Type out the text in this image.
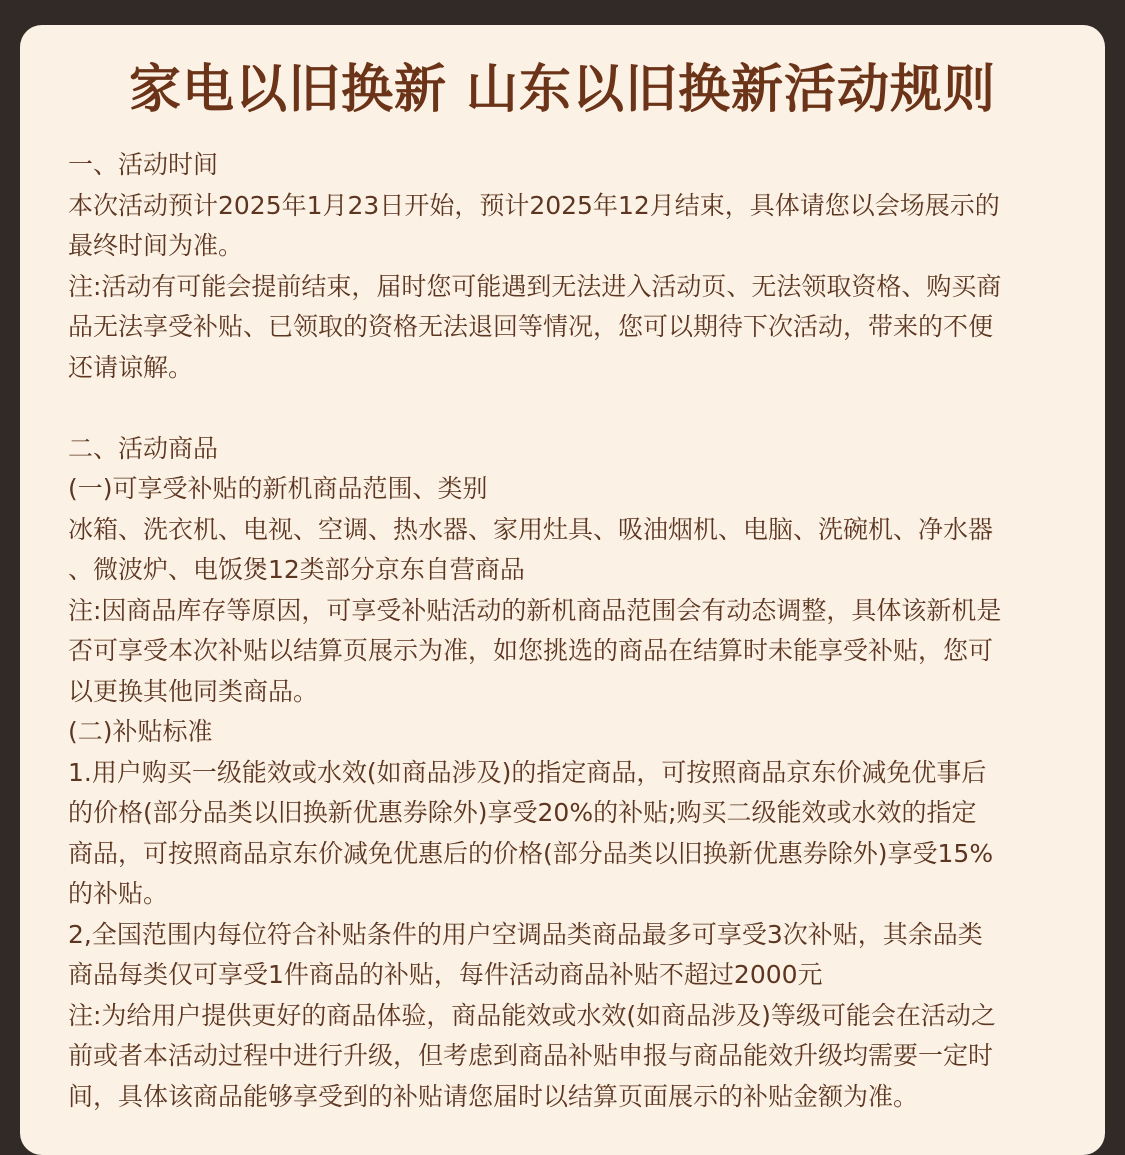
家电以旧换新 山东以旧换新活动规则

一、活动时间

本次活动预计2025年1月23日开始，预计2025年12月结束，具体请您以会场展示的

最终时间为准。

注:活动有可能会提前结束，届时您可能遇到无法进入活动页、无法领取资格、购买商

品无法享受补贴、已领取的资格无法退回等情况，您可以期待下次活动，带来的不便

还请谅解。

二、活动商品

(一)可享受补贴的新机商品范围、类别

冰箱、洗衣机、电视、空调、热水器、家用灶具、吸油烟机、电脑、洗碗机、净水器

、微波炉、电饭煲12类部分京东自营商品

注:因商品库存等原因，可享受补贴活动的新机商品范围会有动态调整，具体该新机是

否可享受本次补贴以结算页展示为准，如您挑选的商品在结算时未能享受补贴，您可

以更换其他同类商品。

(二)补贴标准

1.用户购买一级能效或水效(如商品涉及)的指定商品，可按照商品京东价减免优事后

的价格(部分品类以旧换新优惠券除外)享受20%的补贴;购买二级能效或水效的指定

商品，可按照商品京东价减免优惠后的价格(部分品类以旧换新优惠券除外)享受15%

的补贴。

2,全国范围内每位符合补贴条件的用户空调品类商品最多可享受3次补贴，其余品类

商品每类仅可享受1件商品的补贴，每件活动商品补贴不超过2000元

注:为给用户提供更好的商品体验，商品能效或水效(如商品涉及)等级可能会在活动之

前或者本活动过程中进行升级，但考虑到商品补贴申报与商品能效升级均需要一定时

间，具体该商品能够享受到的补贴请您届时以结算页面展示的补贴金额为准。
